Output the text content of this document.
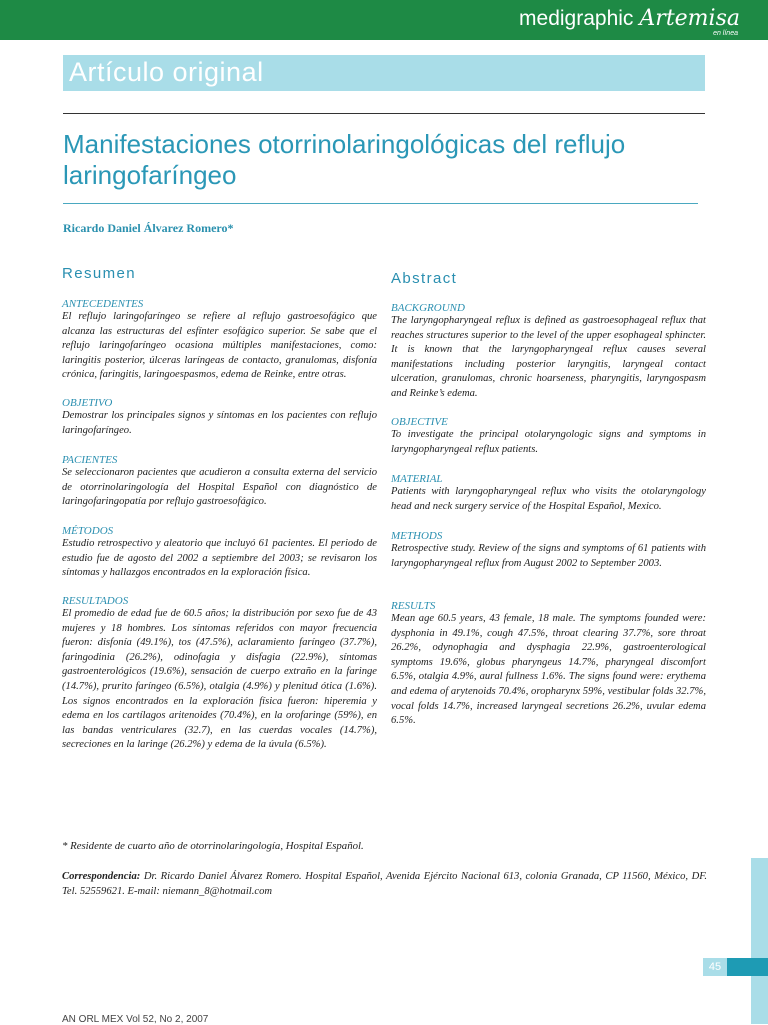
medigraphic Artemisa
en línea
Artículo original
Manifestaciones otorrinolaringológicas del reflujo laringofaríngeo
Ricardo Daniel Álvarez Romero*
Resumen
ANTECEDENTES
El reflujo laringofaríngeo se refiere al reflujo gastroesofágico que alcanza las estructuras del esfínter esofágico superior. Se sabe que el reflujo laringofaríngeo ocasiona múltiples manifestaciones, como: laringitis posterior, úlceras laríngeas de contacto, granulomas, disfonía crónica, faringitis, laringoespasmos, edema de Reinke, entre otras.
OBJETIVO
Demostrar los principales signos y síntomas en los pacientes con reflujo laringofaríngeo.
PACIENTES
Se seleccionaron pacientes que acudieron a consulta externa del servicio de otorrinolaringología del Hospital Español con diagnóstico de laringofaringopatía por reflujo gastroesofágico.
MÉTODOS
Estudio retrospectivo y aleatorio que incluyó 61 pacientes. El periodo de estudio fue de agosto del 2002 a septiembre del 2003; se revisaron los síntomas y hallazgos encontrados en la exploración física.
RESULTADOS
El promedio de edad fue de 60.5 años; la distribución por sexo fue de 43 mujeres y 18 hombres. Los síntomas referidos con mayor frecuencia fueron: disfonía (49.1%), tos (47.5%), aclaramiento faríngeo (37.7%), faringodinia (26.2%), odinofagia y disfagia (22.9%), síntomas gastroenterológicos (19.6%), sensación de cuerpo extraño en la faringe (14.7%), prurito faríngeo (6.5%), otalgia (4.9%) y plenitud ótica (1.6%). Los signos encontrados en la exploración física fueron: hiperemia y edema en los cartílagos aritenoides (70.4%), en la orofaringe (59%), en las bandas ventriculares (32.7), en las cuerdas vocales (14.7%), secreciones en la laringe (26.2%) y edema de la úvula (6.5%).
Abstract
BACKGROUND
The laryngopharyngeal reflux is defined as gastroesophageal reflux that reaches structures superior to the level of the upper esophageal sphincter. It is known that the laryngopharyngeal reflux causes several manifestations including posterior laryngitis, laryngeal contact ulceration, granulomas, chronic hoarseness, pharyngitis, laryngospasm and Reinke’s edema.
OBJECTIVE
To investigate the principal otolaryngologic signs and symptoms in laryngopharyngeal reflux patients.
MATERIAL
Patients with laryngopharyngeal reflux who visits the otolaryngology head and neck surgery service of the Hospital Español, Mexico.
METHODS
Retrospective study. Review of the signs and symptoms of 61 patients with laryngopharyngeal reflux from August 2002 to September 2003.
RESULTS
Mean age 60.5 years, 43 female, 18 male. The symptoms founded were: dysphonia in 49.1%, cough 47.5%, throat clearing 37.7%, sore throat 26.2%, odynophagia and dysphagia 22.9%, gastroenterological symptoms 19.6%, globus pharyngeus 14.7%, pharyngeal discomfort 6.5%, otalgia 4.9%, aural fullness 1.6%. The signs found were: erythema and edema of arytenoids 70.4%, oropharynx 59%, vestibular folds 32.7%, vocal folds 14.7%, increased laryngeal secretions 26.2%, uvular edema 6.5%.
* Residente de cuarto año de otorrinolaringología, Hospital Español.
Correspondencia: Dr. Ricardo Daniel Álvarez Romero. Hospital Español, Avenida Ejército Nacional 613, colonia Granada, CP 11560, México, DF. Tel. 52559621. E-mail: niemann_8@hotmail.com
45
AN ORL MEX Vol 52, No 2, 2007
